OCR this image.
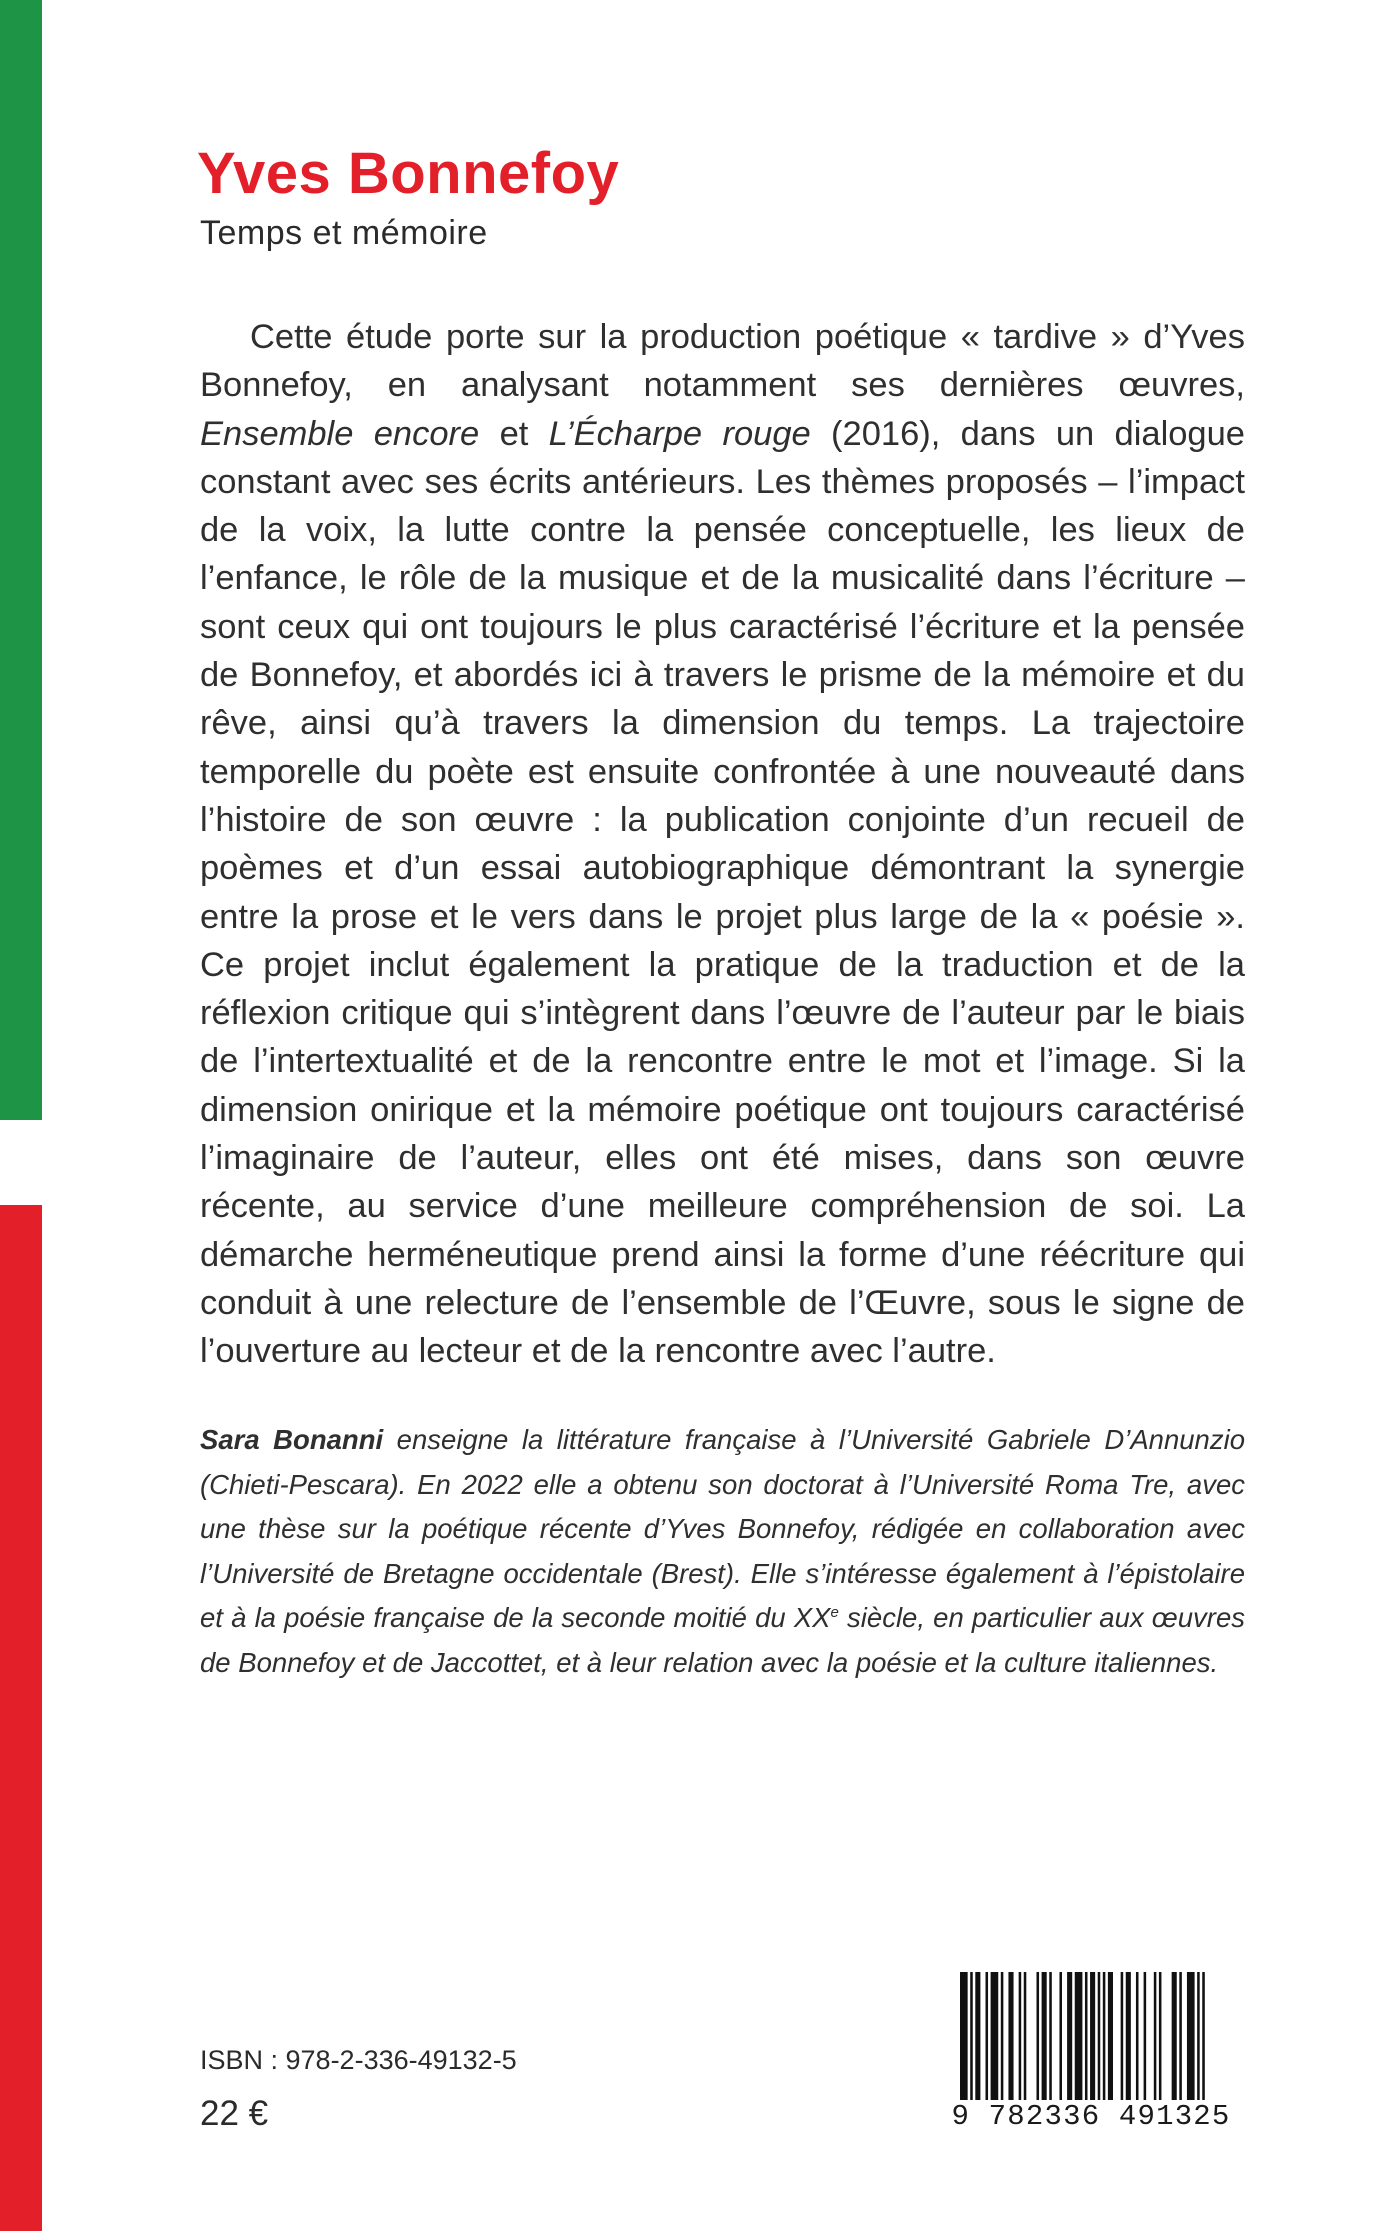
Yves Bonnefoy
Temps et mémoire

Cette étude porte sur la production poétique « tardive » d’Yves Bonnefoy, en analysant notamment ses dernières œuvres, Ensemble encore et L’Écharpe rouge (2016), dans un dialogue constant avec ses écrits antérieurs. Les thèmes proposés – l’impact de la voix, la lutte contre la pensée conceptuelle, les lieux de l’enfance, le rôle de la musique et de la musicalité dans l’écriture – sont ceux qui ont toujours le plus caractérisé l’écriture et la pensée de Bonnefoy, et abordés ici à travers le prisme de la mémoire et du rêve, ainsi qu’à travers la dimension du temps. La trajectoire temporelle du poète est ensuite confrontée à une nouveauté dans l’histoire de son œuvre : la publication conjointe d’un recueil de poèmes et d’un essai autobiographique démontrant la synergie entre la prose et le vers dans le projet plus large de la « poésie ». Ce projet inclut également la pratique de la traduction et de la réflexion critique qui s’intègrent dans l’œuvre de l’auteur par le biais de l’intertextualité et de la rencontre entre le mot et l’image. Si la dimension onirique et la mémoire poétique ont toujours caractérisé l’imaginaire de l’auteur, elles ont été mises, dans son œuvre récente, au service d’une meilleure compréhension de soi. La démarche herméneutique prend ainsi la forme d’une réécriture qui conduit à une relecture de l’ensemble de l’Œuvre, sous le signe de l’ouverture au lecteur et de la rencontre avec l’autre.

Sara Bonanni enseigne la littérature française à l’Université Gabriele D’Annunzio (Chieti-Pescara). En 2022 elle a obtenu son doctorat à l’Université Roma Tre, avec une thèse sur la poétique récente d’Yves Bonnefoy, rédigée en collaboration avec l’Université de Bretagne occidentale (Brest). Elle s’intéresse également à l’épistolaire et à la poésie française de la seconde moitié du XXe siècle, en particulier aux œuvres de Bonnefoy et de Jaccottet, et à leur relation avec la poésie et la culture italiennes.

ISBN : 978-2-336-49132-5
22 €	9 782336 491325
